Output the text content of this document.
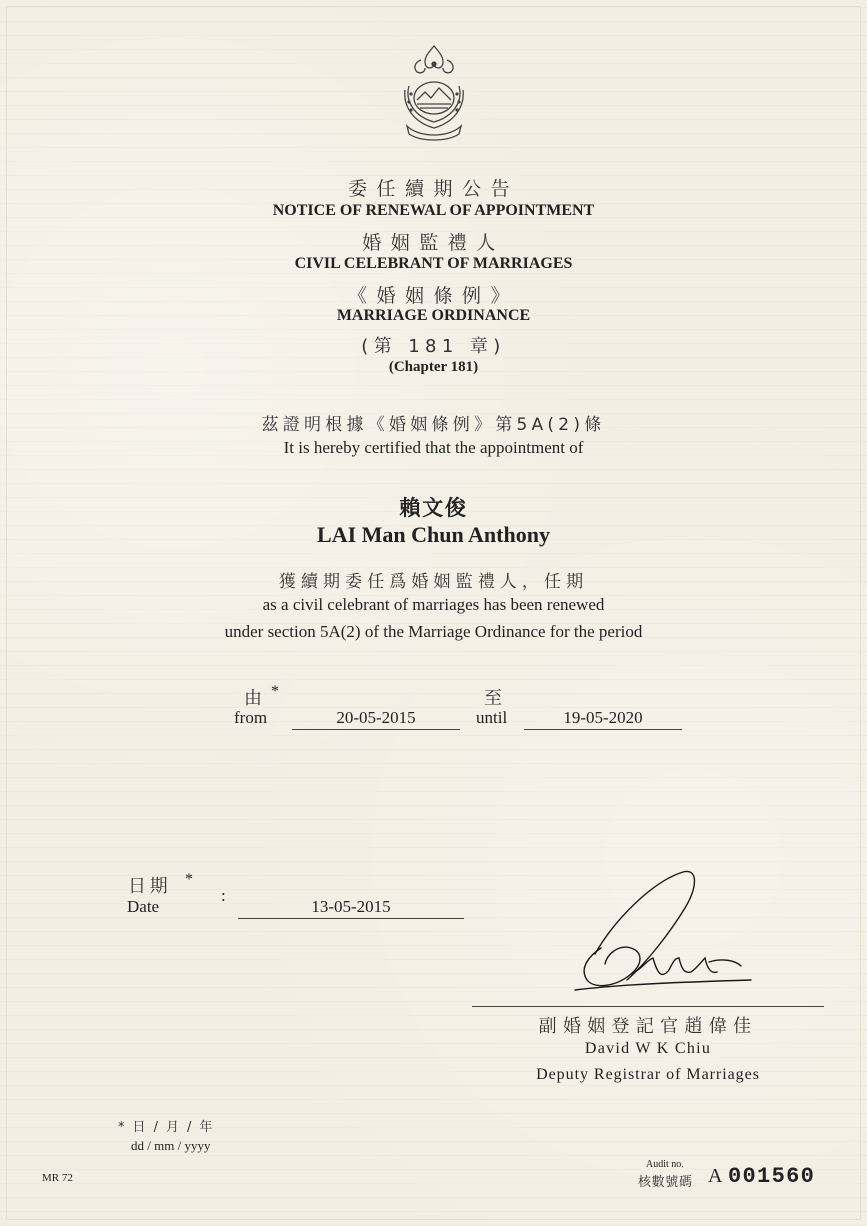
委任續期公告
NOTICE OF RENEWAL OF APPOINTMENT
婚姻監禮人
CIVIL CELEBRANT OF MARRIAGES
《婚姻條例》
MARRIAGE ORDINANCE
(第 181 章)
(Chapter 181)
茲證明根據《婚姻條例》第5A(2)條
It is hereby certified that the appointment of
賴文俊
LAI Man Chun Anthony
獲續期委任爲婚姻監禮人，任期
as a civil celebrant of marriages has been renewed
under section 5A(2) of the Marriage Ordinance for the period
由 *
from	20-05-2015
至
until	19-05-2020
日期 *
:
Date	13-05-2015
副婚姻登記官趙偉佳
David W K Chiu
Deputy Registrar of Marriages
* 日 / 月 / 年
dd / mm / yyyy
MR 72
Audit no.
核數號碼 A 001560
